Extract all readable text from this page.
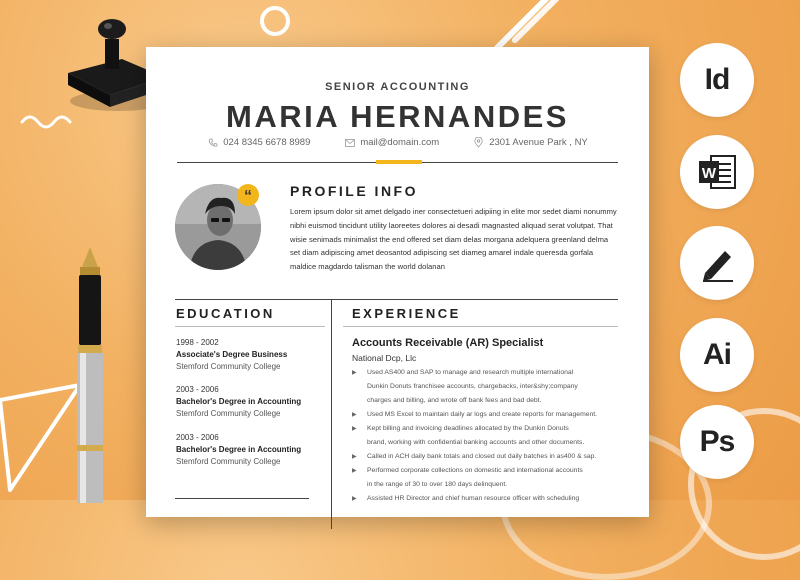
SENIOR ACCOUNTING
MARIA HERNANDES
024 8345 6678 8989	mail@domain.com	2301 Avenue Park , NY
“	PROFILE INFO
Lorem ipsum dolor sit amet delgado iner consectetueri adipiing in elite mor sedet diami nonummy nibhi euismod tincidunt utility laoreetes dolores ai desadi magnasted aliquad serat volutpat. That wisie senimads minimalist the end offered set diam delas morgana adelquera greenland delma set diam adipiscing amet deosantod adipiscing set diameg amarel indale queresda gorfala maldice magdardo talisman the world dolanan
EDUCATION	EXPERIENCE
1998 - 2002
Associate's Degree Business
Stemford Community College
2003 - 2006
Bachelor's Degree in Accounting
Stemford Community College
2003 - 2006
Bachelor's Degree in Accounting
Stemford Community College
Accounts Receivable (AR) Specialist
National Dcp, Llc
▶ Used AS400 and SAP to manage and research multiple international
Dunkin Donuts franchisee accounts, chargebacks, inter&shy;company
charges and billing, and wrote off bank fees and bad debt.
▶ Used MS Excel to maintain daily ar logs and create reports for management.
▶ Kept billing and invoicing deadlines allocated by the Dunkin Donuts
brand, working with confidential banking accounts and other documents.
▶ Called in ACH daily bank totals and closed out daily batches in as400 & sap.
▶ Performed corporate collections on domestic and international accounts
in the range of 30 to over 180 days delinquent.
▶ Assisted HR Director and chief human resource officer with scheduling
Id
W
Ai
Ps
